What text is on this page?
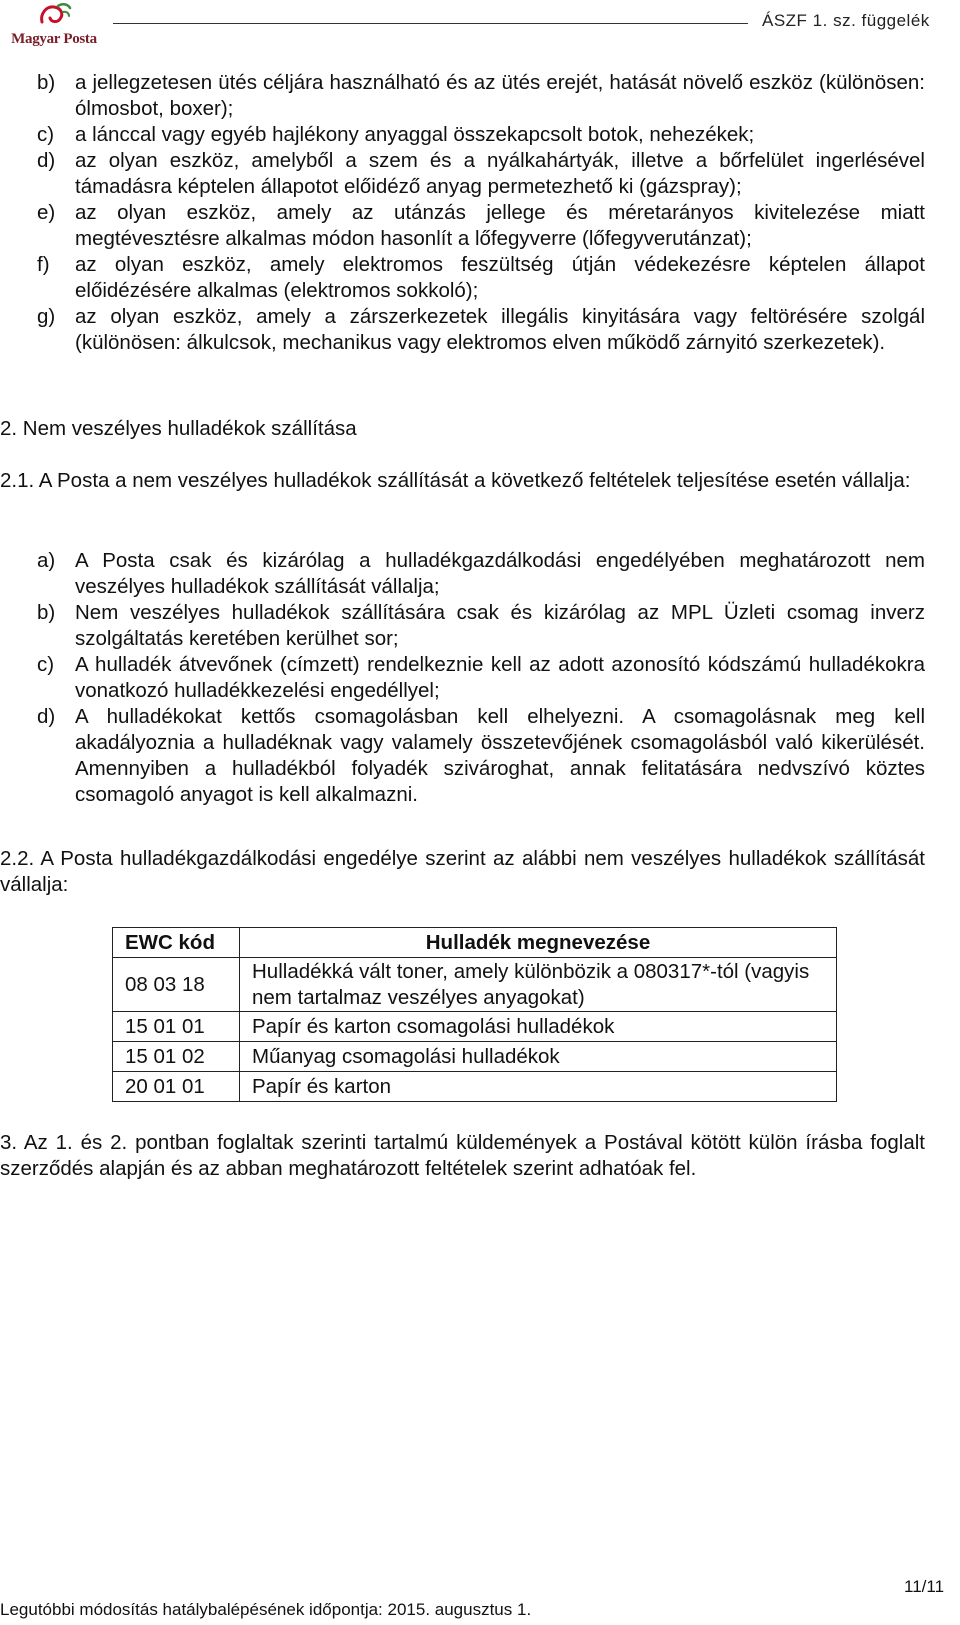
Magyar Posta
ÁSZF 1. sz. függelék

b) a jellegzetesen ütés céljára használható és az ütés erejét, hatását növelő eszköz (különösen: ólmosbot, boxer);

c) a lánccal vagy egyéb hajlékony anyaggal összekapcsolt botok, nehezékek;

d) az olyan eszköz, amelyből a szem és a nyálkahártyák, illetve a bőrfelület ingerlésével támadásra képtelen állapotot előidéző anyag permetezhető ki (gázspray);

e) az olyan eszköz, amely az utánzás jellege és méretarányos kivitelezése miatt megtévesztésre alkalmas módon hasonlít a lőfegyverre (lőfegyverutánzat);

f) az olyan eszköz, amely elektromos feszültség útján védekezésre képtelen állapot előidézésére alkalmas (elektromos sokkoló);

g) az olyan eszköz, amely a zárszerkezetek illegális kinyitására vagy feltörésére szolgál (különösen: álkulcsok, mechanikus vagy elektromos elven működő zárnyitó szerkezetek).

2. Nem veszélyes hulladékok szállítása

2.1. A Posta a nem veszélyes hulladékok szállítását a következő feltételek teljesítése esetén vállalja:

a) A Posta csak és kizárólag a hulladékgazdálkodási engedélyében meghatározott nem veszélyes hulladékok szállítását vállalja;

b) Nem veszélyes hulladékok szállítására csak és kizárólag az MPL Üzleti csomag inverz szolgáltatás keretében kerülhet sor;

c) A hulladék átvevőnek (címzett) rendelkeznie kell az adott azonosító kódszámú hulladékokra vonatkozó hulladékkezelési engedéllyel;

d) A hulladékokat kettős csomagolásban kell elhelyezni. A csomagolásnak meg kell akadályoznia a hulladéknak vagy valamely összetevőjének csomagolásból való kikerülését. Amennyiben a hulladékból folyadék szivároghat, annak felitatására nedvszívó köztes csomagoló anyagot is kell alkalmazni.

2.2. A Posta hulladékgazdálkodási engedélye szerint az alábbi nem veszélyes hulladékok szállítását vállalja:

EWC kód	Hulladék megnevezése
08 03 18	Hulladékká vált toner, amely különbözik a 080317*-tól (vagyis nem tartalmaz veszélyes anyagokat)
15 01 01	Papír és karton csomagolási hulladékok
15 01 02	Műanyag csomagolási hulladékok
20 01 01	Papír és karton

3. Az 1. és 2. pontban foglaltak szerinti tartalmú küldemények a Postával kötött külön írásba foglalt szerződés alapján és az abban meghatározott feltételek szerint adhatóak fel.

11/11
Legutóbbi módosítás hatálybalépésének időpontja: 2015. augusztus 1.
